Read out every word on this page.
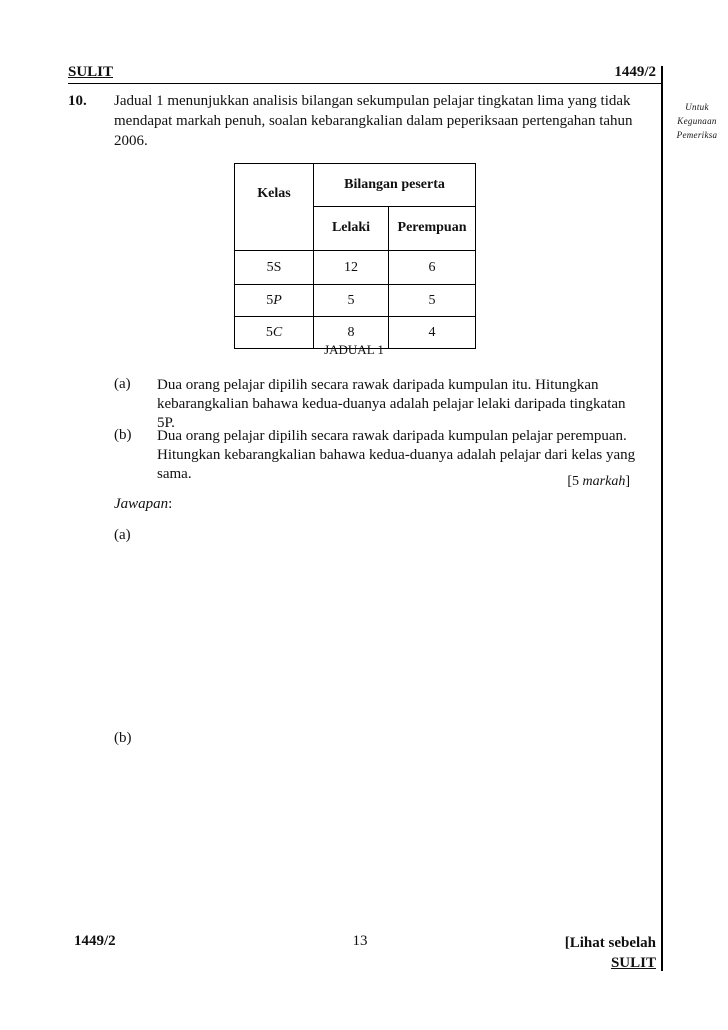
SULIT	1449/2
Untuk
Kegunaan
Pemeriksa
10. Jadual 1 menunjukkan analisis bilangan sekumpulan pelajar tingkatan lima yang tidak mendapat markah penuh, soalan kebarangkalian dalam peperiksaan pertengahan tahun 2006.
Kelas	Bilangan peserta	
	Lelaki	Perempuan
5S	12	6
5P	5	5
5C	8	4
JADUAL 1
(a) Dua orang pelajar dipilih secara rawak daripada kumpulan itu. Hitungkan kebarangkalian bahawa kedua-duanya adalah pelajar lelaki daripada tingkatan 5P.
(b) Dua orang pelajar dipilih secara rawak daripada kumpulan pelajar perempuan. Hitungkan kebarangkalian bahawa kedua-duanya adalah pelajar dari kelas yang sama.	[5 markah]
Jawapan:
(a)
(b)
1449/2	13	[Lihat sebelah
SULIT
